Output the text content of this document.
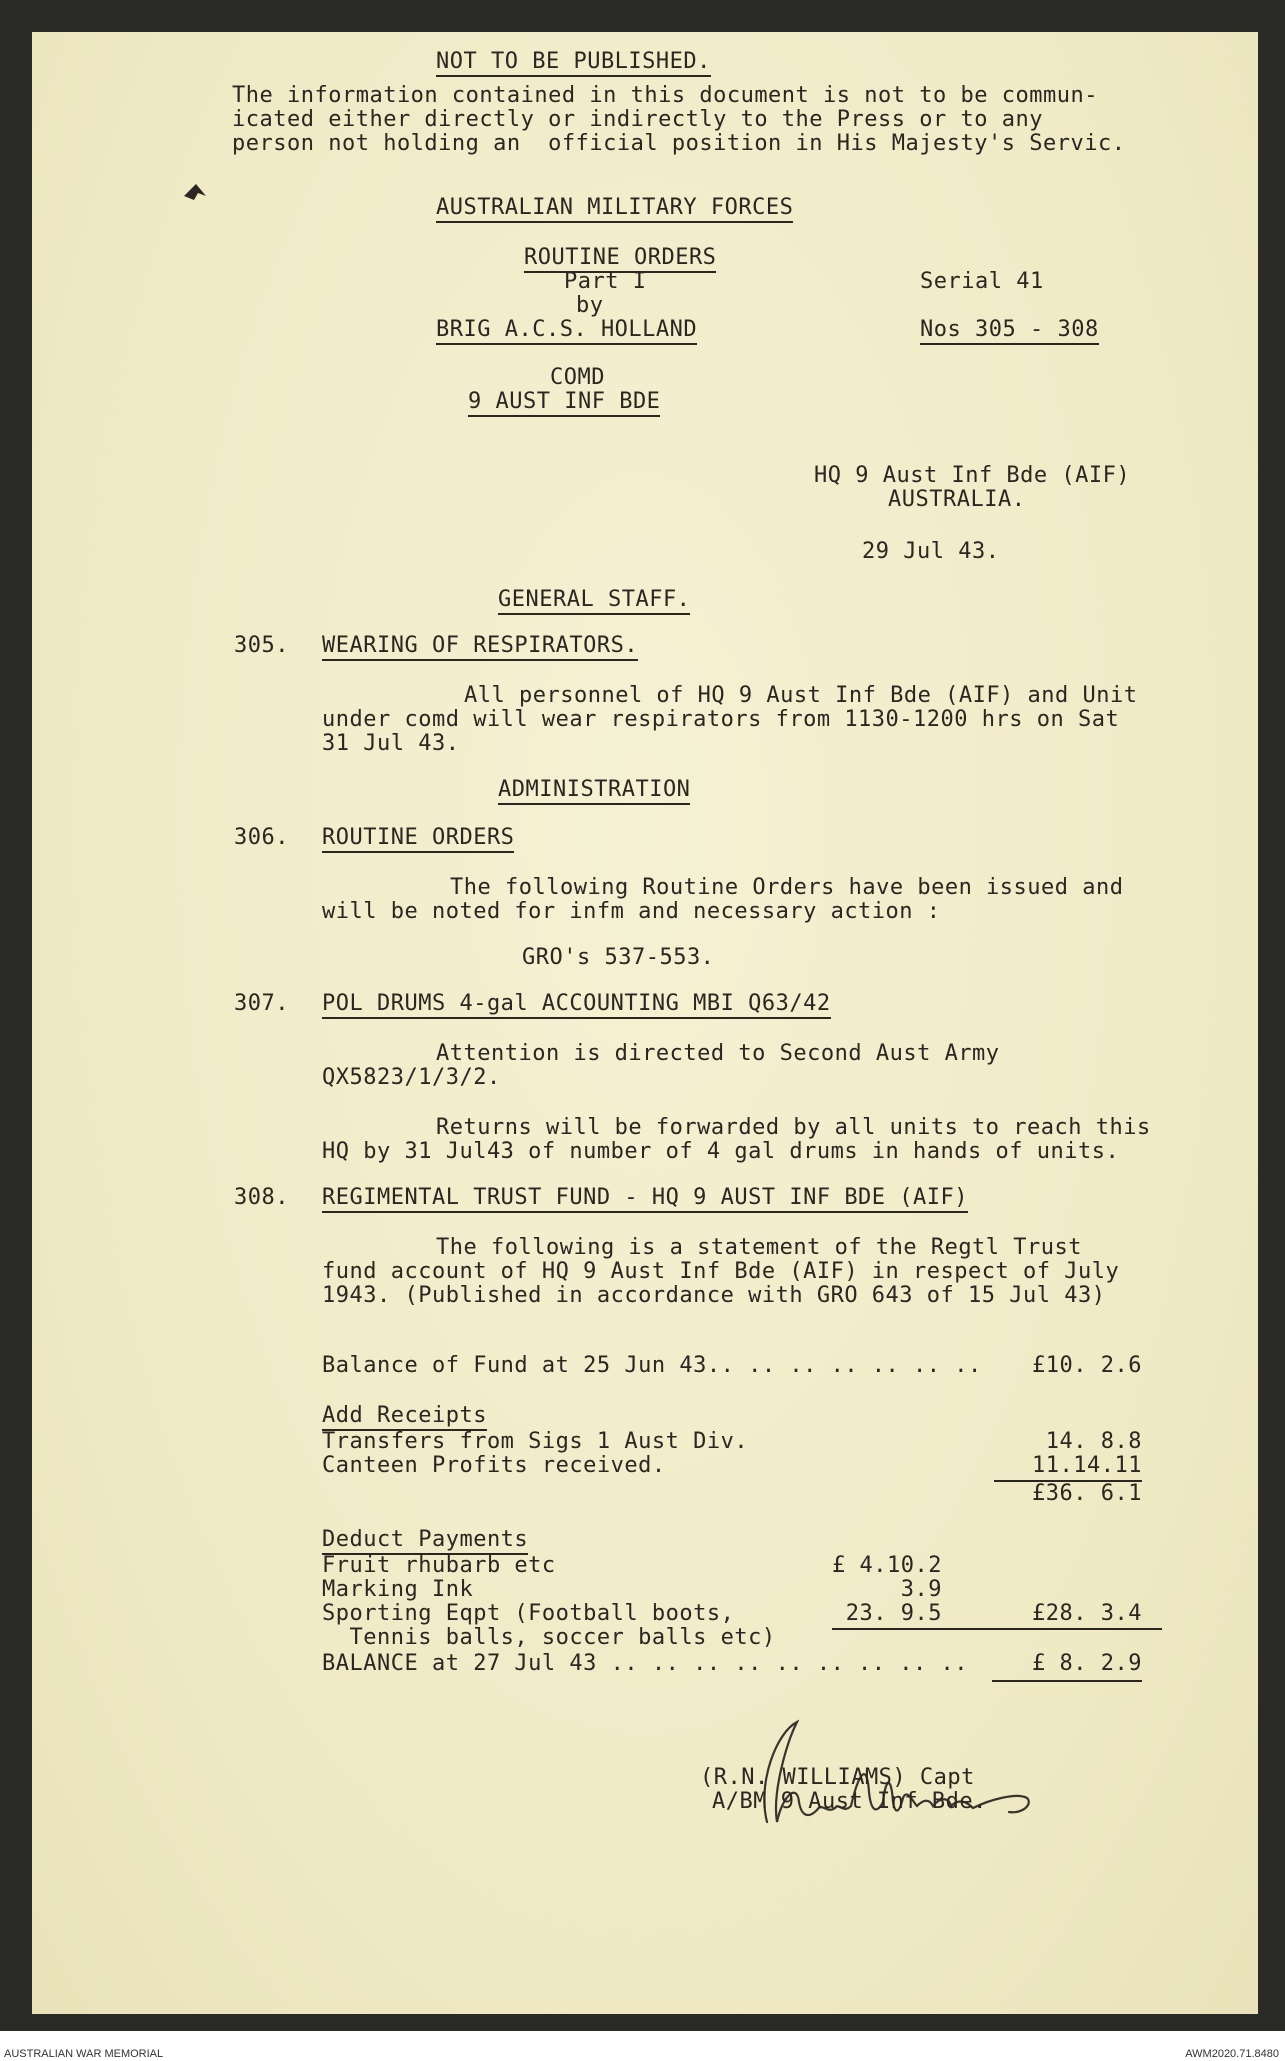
NOT TO BE PUBLISHED.
The information contained in this document is not to be commun-
icated either directly or indirectly to the Press or to any
person not holding an  official position in His Majesty's Servic.
AUSTRALIAN MILITARY FORCES
ROUTINE ORDERS
Part I
by
BRIG A.C.S. HOLLAND
Serial 41
Nos 305 - 308
COMD
9 AUST INF BDE
HQ 9 Aust Inf Bde (AIF)
AUSTRALIA.
29 Jul 43.
GENERAL STAFF.
305. WEARING OF RESPIRATORS.
All personnel of HQ 9 Aust Inf Bde (AIF) and Unit
under comd will wear respirators from 1130-1200 hrs on Sat
31 Jul 43.
ADMINISTRATION
306. ROUTINE ORDERS
The following Routine Orders have been issued and
will be noted for infm and necessary action :
GRO's 537-553.
307. POL DRUMS 4-gal ACCOUNTING MBI Q63/42
Attention is directed to Second Aust Army
QX5823/1/3/2.
Returns will be forwarded by all units to reach this
HQ by 31 Jul43 of number of 4 gal drums in hands of units.
308. REGIMENTAL TRUST FUND - HQ 9 AUST INF BDE (AIF)
The following is a statement of the Regtl Trust
fund account of HQ 9 Aust Inf Bde (AIF) in respect of July
1943. (Published in accordance with GRO 643 of 15 Jul 43)
Balance of Fund at 25 Jun 43.. .. .. .. .. .. ..	£10. 2.6
Add Receipts
Transfers from Sigs 1 Aust Div.	14. 8.8
Canteen Profits received.	11.14.11
£36. 6.1
Deduct Payments
Fruit rhubarb etc	£ 4.10.2
Marking Ink	3.9
Sporting Eqpt (Football boots,	23. 9.5	£28. 3.4
Tennis balls, soccer balls etc)
BALANCE at 27 Jul 43 .. .. .. .. .. .. .. .. ..	£ 8. 2.9
(R.N. WILLIAMS) Capt
A/BM 9 Aust Inf Bde.
AUSTRALIAN WAR MEMORIAL	AWM2020.71.8480
